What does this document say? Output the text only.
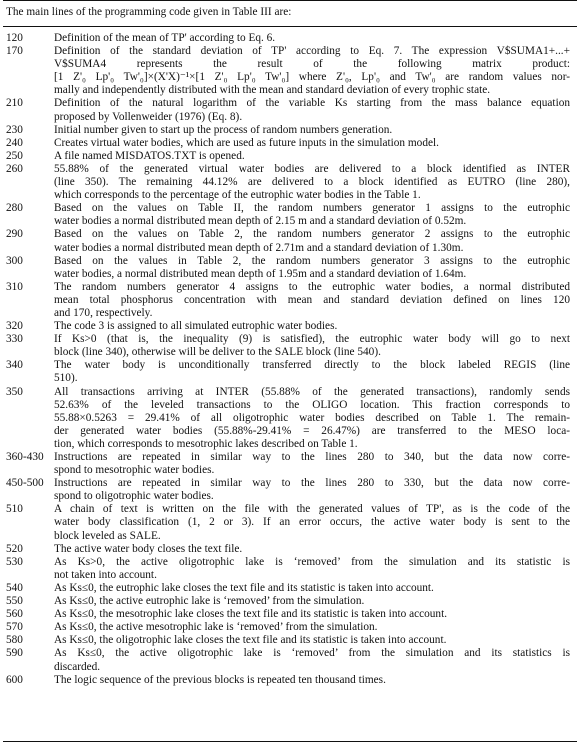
The main lines of the programming code given in Table III are:
120	Definition of the mean of TP' according to Eq. 6.
170	Definition of the standard deviation of TP' according to Eq. 7. The expression V$SUMA1+...+
V$SUMA4 represents the result of the following matrix product:
[1 Z'₀ Lp'₀ Tw'₀]×(X'X)⁻¹×[1 Z'₀ Lp'₀ Tw'₀] where Z'₀, Lp'₀ and Tw'₀ are random values nor-
mally and independently distributed with the mean and standard deviation of every trophic state.
210	Definition of the natural logarithm of the variable Ks starting from the mass balance equation
proposed by Vollenweider (1976) (Eq. 8).
230	Initial number given to start up the process of random numbers generation.
240	Creates virtual water bodies, which are used as future inputs in the simulation model.
250	A file named MISDATOS.TXT is opened.
260	55.88% of the generated virtual water bodies are delivered to a block identified as INTER
(line 350). The remaining 44.12% are delivered to a block identified as EUTRO (line 280),
which corresponds to the percentage of the eutrophic water bodies in the Table 1.
280	Based on the values on Table II, the random numbers generator 1 assigns to the eutrophic
water bodies a normal distributed mean depth of 2.15 m and a standard deviation of 0.52m.
290	Based on the values on Table 2, the random numbers generator 2 assigns to the eutrophic
water bodies a normal distributed mean depth of 2.71m and a standard deviation of 1.30m.
300	Based on the values in Table 2, the random numbers generator 3 assigns to the eutrophic
water bodies, a normal distributed mean depth of 1.95m and a standard deviation of 1.64m.
310	The random numbers generator 4 assigns to the eutrophic water bodies, a normal distributed
mean total phosphorus concentration with mean and standard deviation defined on lines 120
and 170, respectively.
320	The code 3 is assigned to all simulated eutrophic water bodies.
330	If Ks>0 (that is, the inequality (9) is satisfied), the eutrophic water body will go to next
block (line 340), otherwise will be deliver to the SALE block (line 540).
340	The water body is unconditionally transferred directly to the block labeled REGIS (line
510).
350	All transactions arriving at INTER (55.88% of the generated transactions), randomly sends
52.63% of the leveled transactions to the OLIGO location. This fraction corresponds to
55.88×0.5263 = 29.41% of all oligotrophic water bodies described on Table 1. The remain-
der generated water bodies (55.88%-29.41% = 26.47%) are transferred to the MESO loca-
tion, which corresponds to mesotrophic lakes described on Table 1.
360-430 Instructions are repeated in similar way to the lines 280 to 340, but the data now corre-
spond to mesotrophic water bodies.
450-500 Instructions are repeated in similar way to the lines 280 to 330, but the data now corre-
spond to oligotrophic water bodies.
510	A chain of text is written on the file with the generated values of TP', as is the code of the
water body classification (1, 2 or 3). If an error occurs, the active water body is sent to the
block leveled as SALE.
520	The active water body closes the text file.
530	As Ks>0, the active oligotrophic lake is ‘removed’ from the simulation and its statistic is
not taken into account.
540	As Ks≤0, the eutrophic lake closes the text file and its statistic is taken into account.
550	As Ks≤0, the active eutrophic lake is ‘removed’ from the simulation.
560	As Ks≤0, the mesotrophic lake closes the text file and its statistic is taken into account.
570	As Ks≤0, the active mesotrophic lake is ‘removed’ from the simulation.
580	As Ks≤0, the oligotrophic lake closes the text file and its statistic is taken into account.
590	As Ks≤0, the active oligotrophic lake is ‘removed’ from the simulation and its statistics is
discarded.
600	The logic sequence of the previous blocks is repeated ten thousand times.
